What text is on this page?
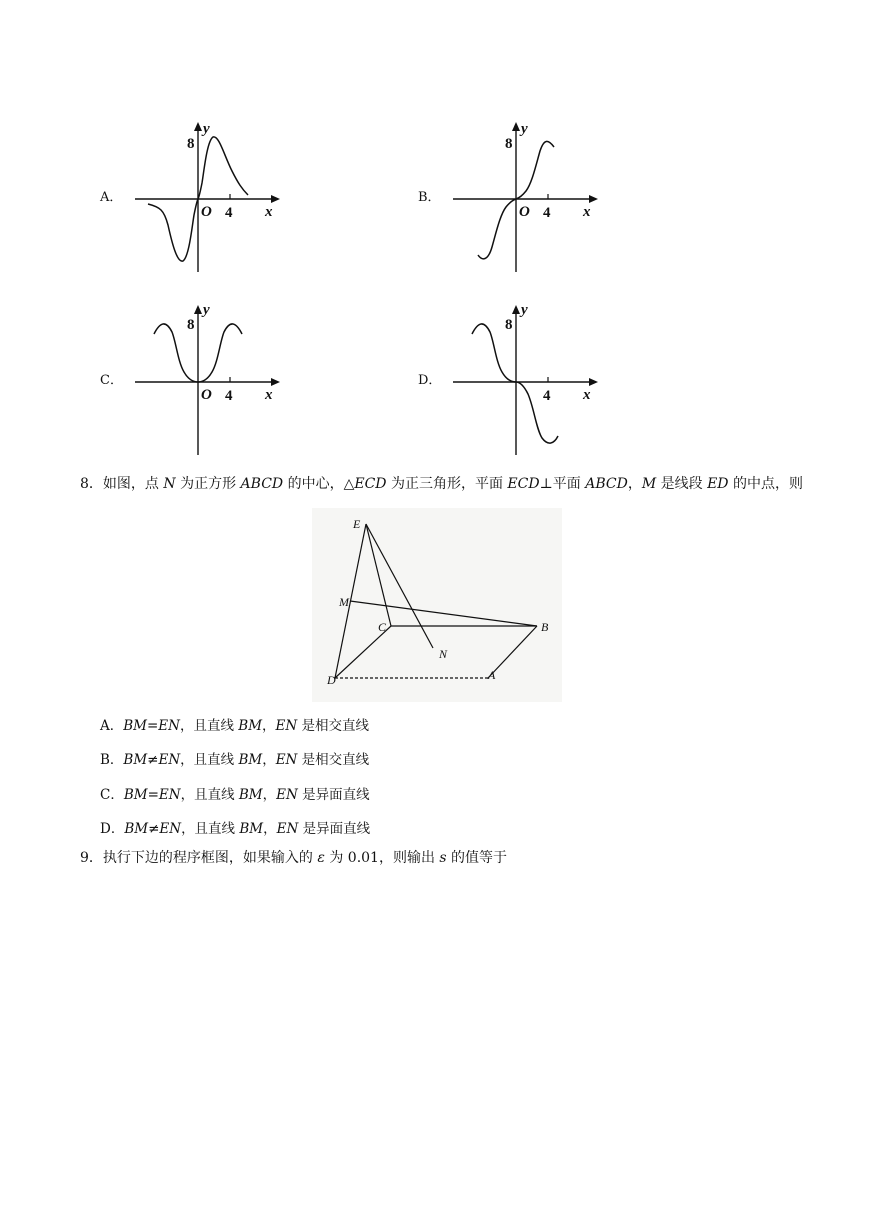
A．
8
y
O 4 x
B．
8
y
O 4 x
C．
8
y
O 4 x
D．
8
y
4 x
8．如图，点 N 为正方形 ABCD 的中心，△ECD 为正三角形，平面 ECD⊥平面 ABCD，M 是线段 ED 的中点，则
E
M
C	B
N
D	A
A．BM=EN，且直线 BM，EN 是相交直线
B．BM≠EN，且直线 BM，EN 是相交直线
C．BM=EN，且直线 BM，EN 是异面直线
D．BM≠EN，且直线 BM，EN 是异面直线
9．执行下边的程序框图，如果输入的 ε 为 0.01，则输出 s 的值等于
